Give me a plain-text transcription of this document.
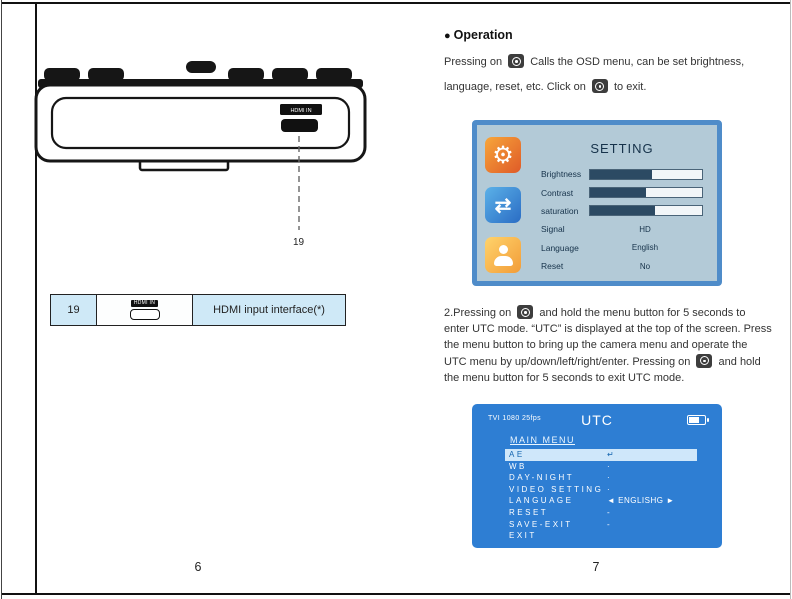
HDMI IN
19
19
HDMI IN
HDMI input interface(*)
6
● Operation

Pressing on	Calls the OSD menu, can be set brightness, language, reset, etc. Click on	to exit.

⚙
⇄
SETTING
Brightness
Contrast
saturation
Signal	HD
Language	English
Reset	No

2.Pressing on	and hold the menu button for 5 seconds to enter UTC mode. “UTC” is displayed at the top of the screen. Press the menu button to bring up the camera menu and operate the UTC menu by up/down/left/right/enter. Pressing on	and hold the menu button for 5 seconds to exit UTC mode.

TVI 1080 25fps	UTC
MAIN MENU
AE	↵
WB	·
DAY-NIGHT	·
VIDEO SETTING ·
LANGUAGE	◄ ENGLISHG ►
RESET	-
SAVE-EXIT	-
EXIT
7
